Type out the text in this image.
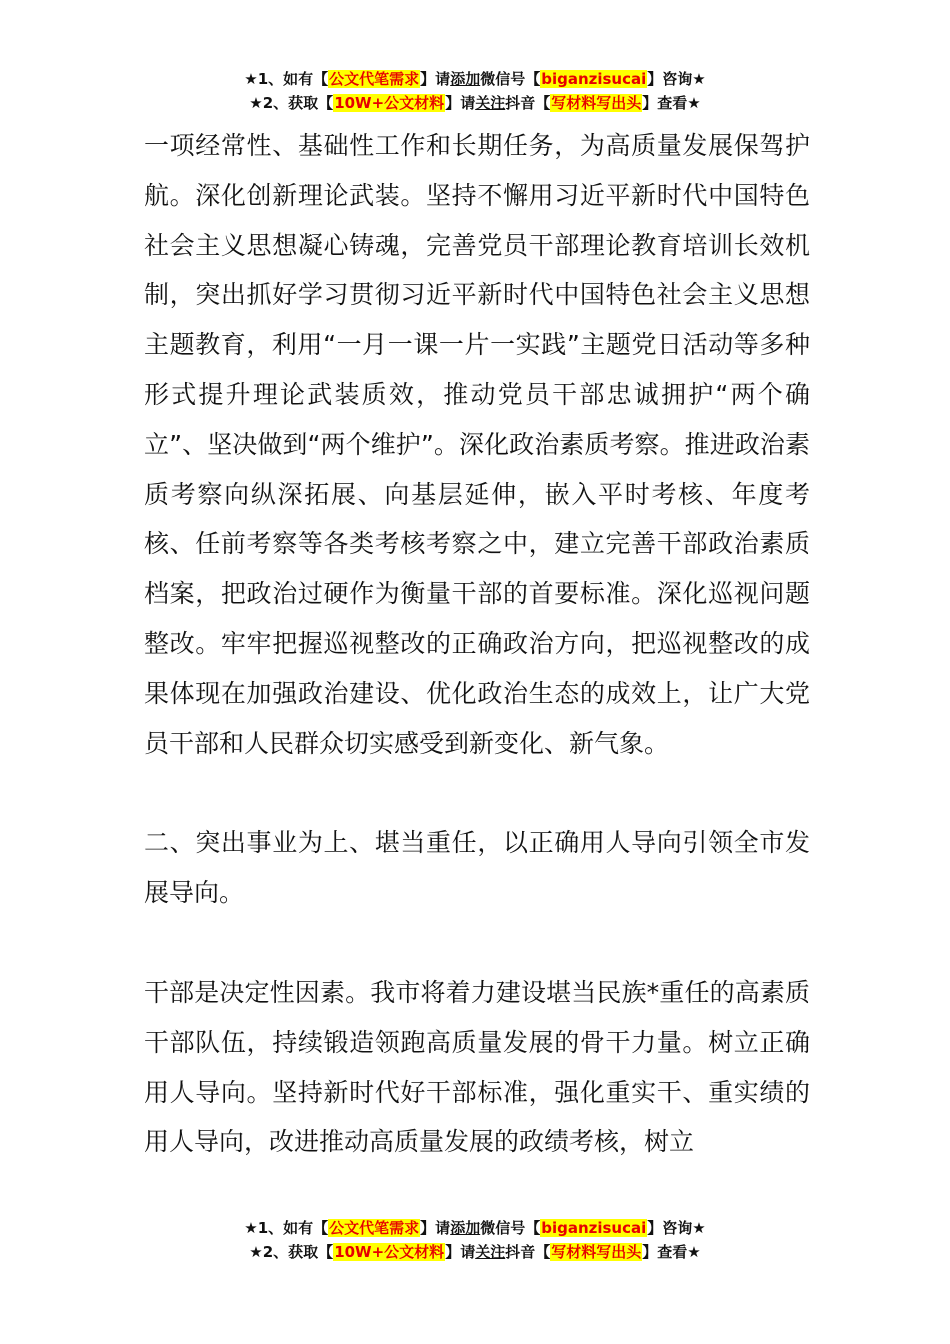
★1、如有【公文代笔需求】请添加微信号【biganzisucai】咨询★
★2、获取【10W+公文材料】请关注抖音【写材料写出头】查看★

一项经常性、基础性工作和长期任务，为高质量发展保驾护航。深化创新理论武装。坚持不懈用习近平新时代中国特色社会主义思想凝心铸魂，完善党员干部理论教育培训长效机制，突出抓好学习贯彻习近平新时代中国特色社会主义思想主题教育，利用“一月一课一片一实践”主题党日活动等多种形式提升理论武装质效，推动党员干部忠诚拥护“两个确立”、坚决做到“两个维护”。深化政治素质考察。推进政治素质考察向纵深拓展、向基层延伸，嵌入平时考核、年度考核、任前考察等各类考核考察之中，建立完善干部政治素质档案，把政治过硬作为衡量干部的首要标准。深化巡视问题整改。牢牢把握巡视整改的正确政治方向，把巡视整改的成果体现在加强政治建设、优化政治生态的成效上，让广大党员干部和人民群众切实感受到新变化、新气象。

二、突出事业为上、堪当重任，以正确用人导向引领全市发展导向。

干部是决定性因素。我市将着力建设堪当民族*重任的高素质干部队伍，持续锻造领跑高质量发展的骨干力量。树立正确用人导向。坚持新时代好干部标准，强化重实干、重实绩的用人导向，改进推动高质量发展的政绩考核，树立

★1、如有【公文代笔需求】请添加微信号【biganzisucai】咨询★
★2、获取【10W+公文材料】请关注抖音【写材料写出头】查看★
